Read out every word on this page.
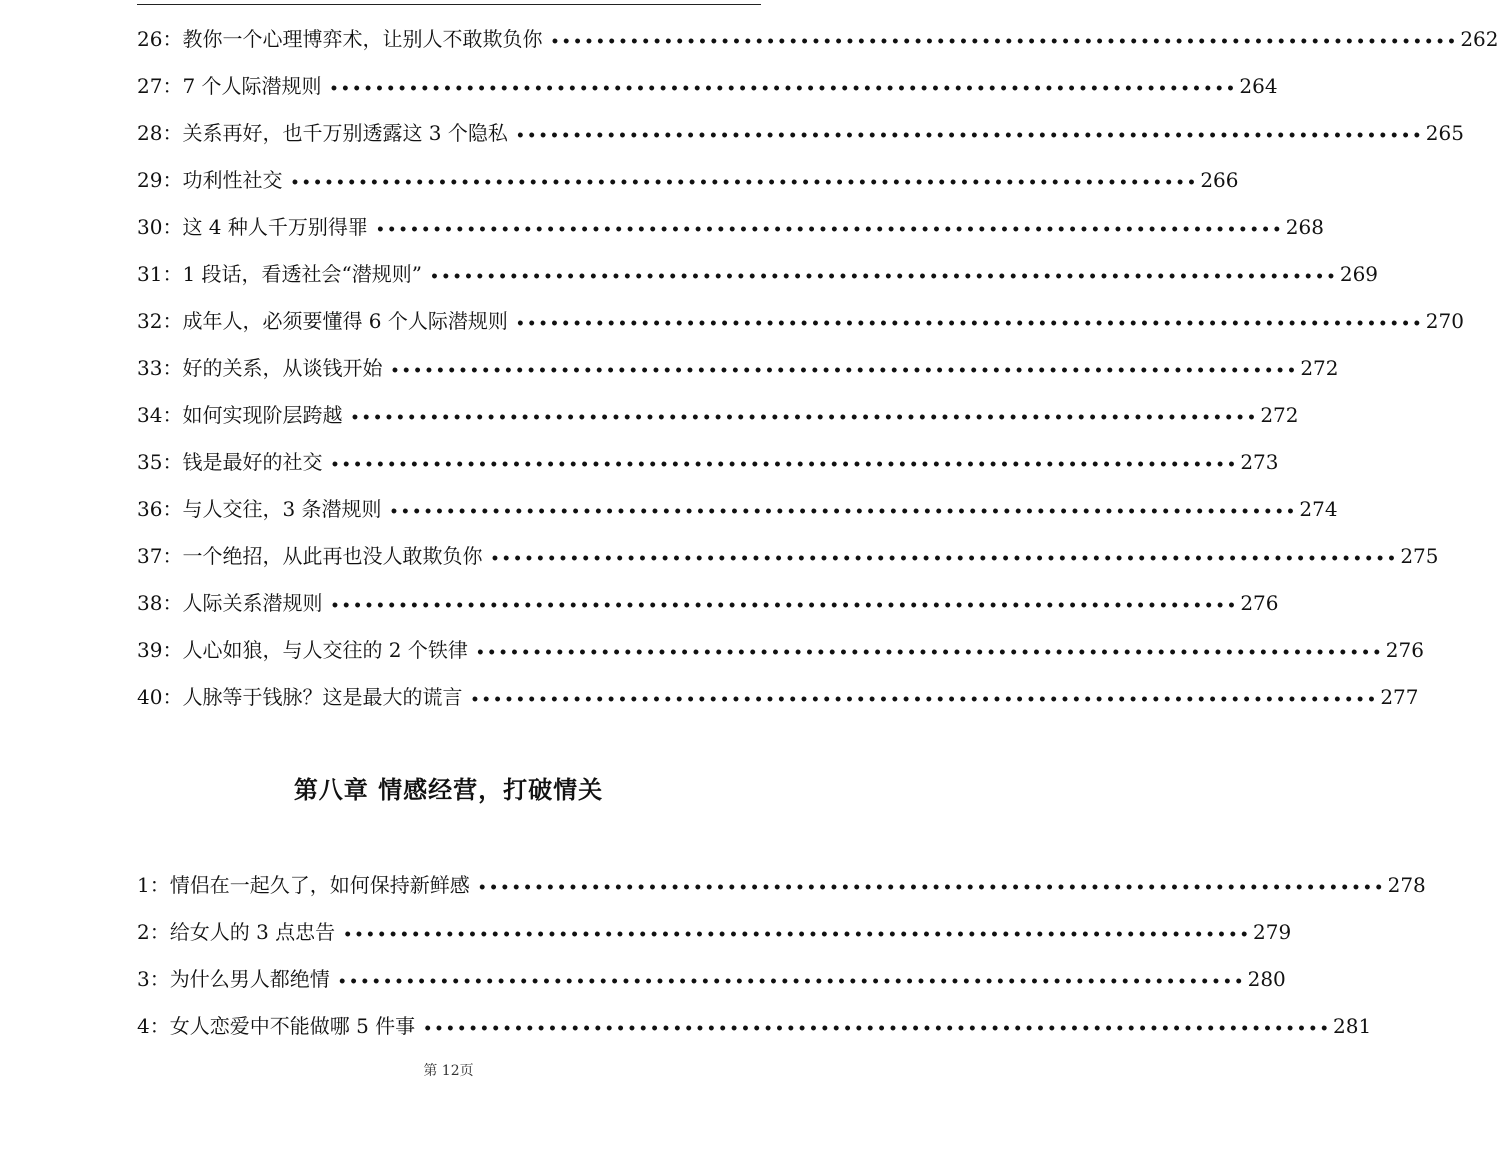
26 ： 教你一个心理博弈术，让别人不敢欺负你 •••••••••••••••••••••••••••••••••••••••••••••••••••••••••••••••••••••••••••••••• 262
27 ： 7 个人际潜规则 •••••••••••••••••••••••••••••••••••••••••••••••••••••••••••••••••••••••••••••••• 264
28 ： 关系再好，也千万别透露这 3 个隐私 •••••••••••••••••••••••••••••••••••••••••••••••••••••••••••••••••••••••••••••••• 265
29 ： 功利性社交 •••••••••••••••••••••••••••••••••••••••••••••••••••••••••••••••••••••••••••••••• 266
30 ： 这 4 种人千万别得罪 •••••••••••••••••••••••••••••••••••••••••••••••••••••••••••••••••••••••••••••••• 268
31 ： 1 段话，看透社会“潜规则” •••••••••••••••••••••••••••••••••••••••••••••••••••••••••••••••••••••••••••••••• 269
32 ： 成年人，必须要懂得 6 个人际潜规则 •••••••••••••••••••••••••••••••••••••••••••••••••••••••••••••••••••••••••••••••• 270
33 ： 好的关系，从谈钱开始 •••••••••••••••••••••••••••••••••••••••••••••••••••••••••••••••••••••••••••••••• 272
34 ： 如何实现阶层跨越 •••••••••••••••••••••••••••••••••••••••••••••••••••••••••••••••••••••••••••••••• 272
35 ： 钱是最好的社交 •••••••••••••••••••••••••••••••••••••••••••••••••••••••••••••••••••••••••••••••• 273
36 ： 与人交往，3 条潜规则 •••••••••••••••••••••••••••••••••••••••••••••••••••••••••••••••••••••••••••••••• 274
37 ： 一个绝招，从此再也没人敢欺负你 •••••••••••••••••••••••••••••••••••••••••••••••••••••••••••••••••••••••••••••••• 275
38 ： 人际关系潜规则 •••••••••••••••••••••••••••••••••••••••••••••••••••••••••••••••••••••••••••••••• 276
39 ： 人心如狼，与人交往的 2 个铁律 •••••••••••••••••••••••••••••••••••••••••••••••••••••••••••••••••••••••••••••••• 276
40 ： 人脉等于钱脉？这是最大的谎言 •••••••••••••••••••••••••••••••••••••••••••••••••••••••••••••••••••••••••••••••• 277
第八章 情感经营，打破情关
1 ： 情侣在一起久了，如何保持新鲜感 •••••••••••••••••••••••••••••••••••••••••••••••••••••••••••••••••••••••••••••••• 278
2 ： 给女人的 3 点忠告 •••••••••••••••••••••••••••••••••••••••••••••••••••••••••••••••••••••••••••••••• 279
3 ： 为什么男人都绝情 •••••••••••••••••••••••••••••••••••••••••••••••••••••••••••••••••••••••••••••••• 280
4 ： 女人恋爱中不能做哪 5 件事 •••••••••••••••••••••••••••••••••••••••••••••••••••••••••••••••••••••••••••••••• 281
第 12页
